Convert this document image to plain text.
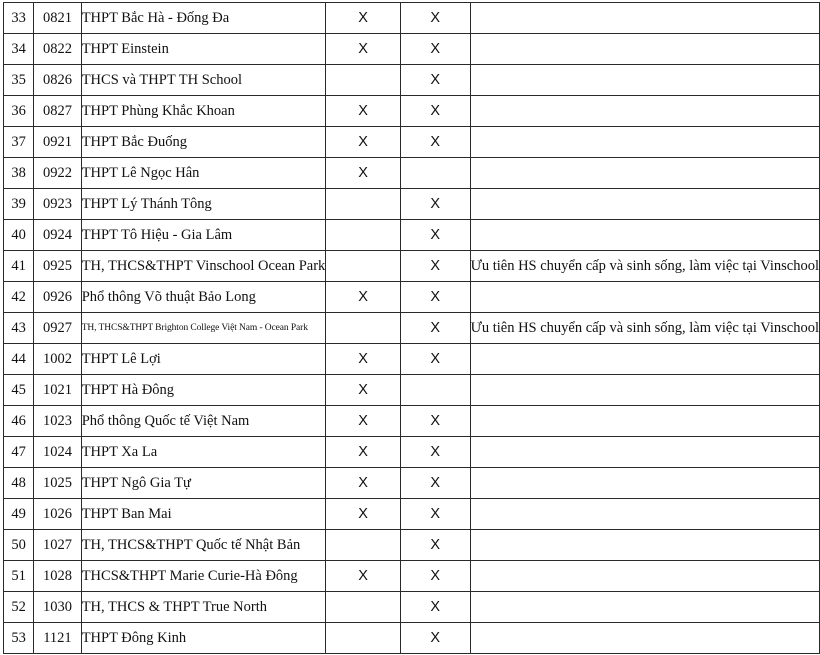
33	0821	THPT Bắc Hà - Đống Đa	X	X	
34	0822	THPT Einstein	X	X	
35	0826	THCS và THPT TH School		X	
36	0827	THPT Phùng Khắc Khoan	X	X	
37	0921	THPT Bắc Đuống	X	X	
38	0922	THPT Lê Ngọc Hân	X		
39	0923	THPT Lý Thánh Tông		X	
40	0924	THPT Tô Hiệu - Gia Lâm		X	
41	0925	TH, THCS&THPT Vinschool Ocean Park		X	Ưu tiên HS chuyển cấp và sinh sống, làm việc tại Vinschool
42	0926	Phổ thông Võ thuật Bảo Long	X	X	
43	0927	TH, THCS&THPT Brighton College Việt Nam - Ocean Park		X	Ưu tiên HS chuyển cấp và sinh sống, làm việc tại Vinschool
44	1002	THPT Lê Lợi	X	X	
45	1021	THPT Hà Đông	X		
46	1023	Phổ thông Quốc tế Việt Nam	X	X	
47	1024	THPT Xa La	X	X	
48	1025	THPT Ngô Gia Tự	X	X	
49	1026	THPT Ban Mai	X	X	
50	1027	TH, THCS&THPT Quốc tế Nhật Bản		X	
51	1028	THCS&THPT Marie Curie-Hà Đông	X	X	
52	1030	TH, THCS & THPT True North		X	
53	1121	THPT Đông Kinh		X	
